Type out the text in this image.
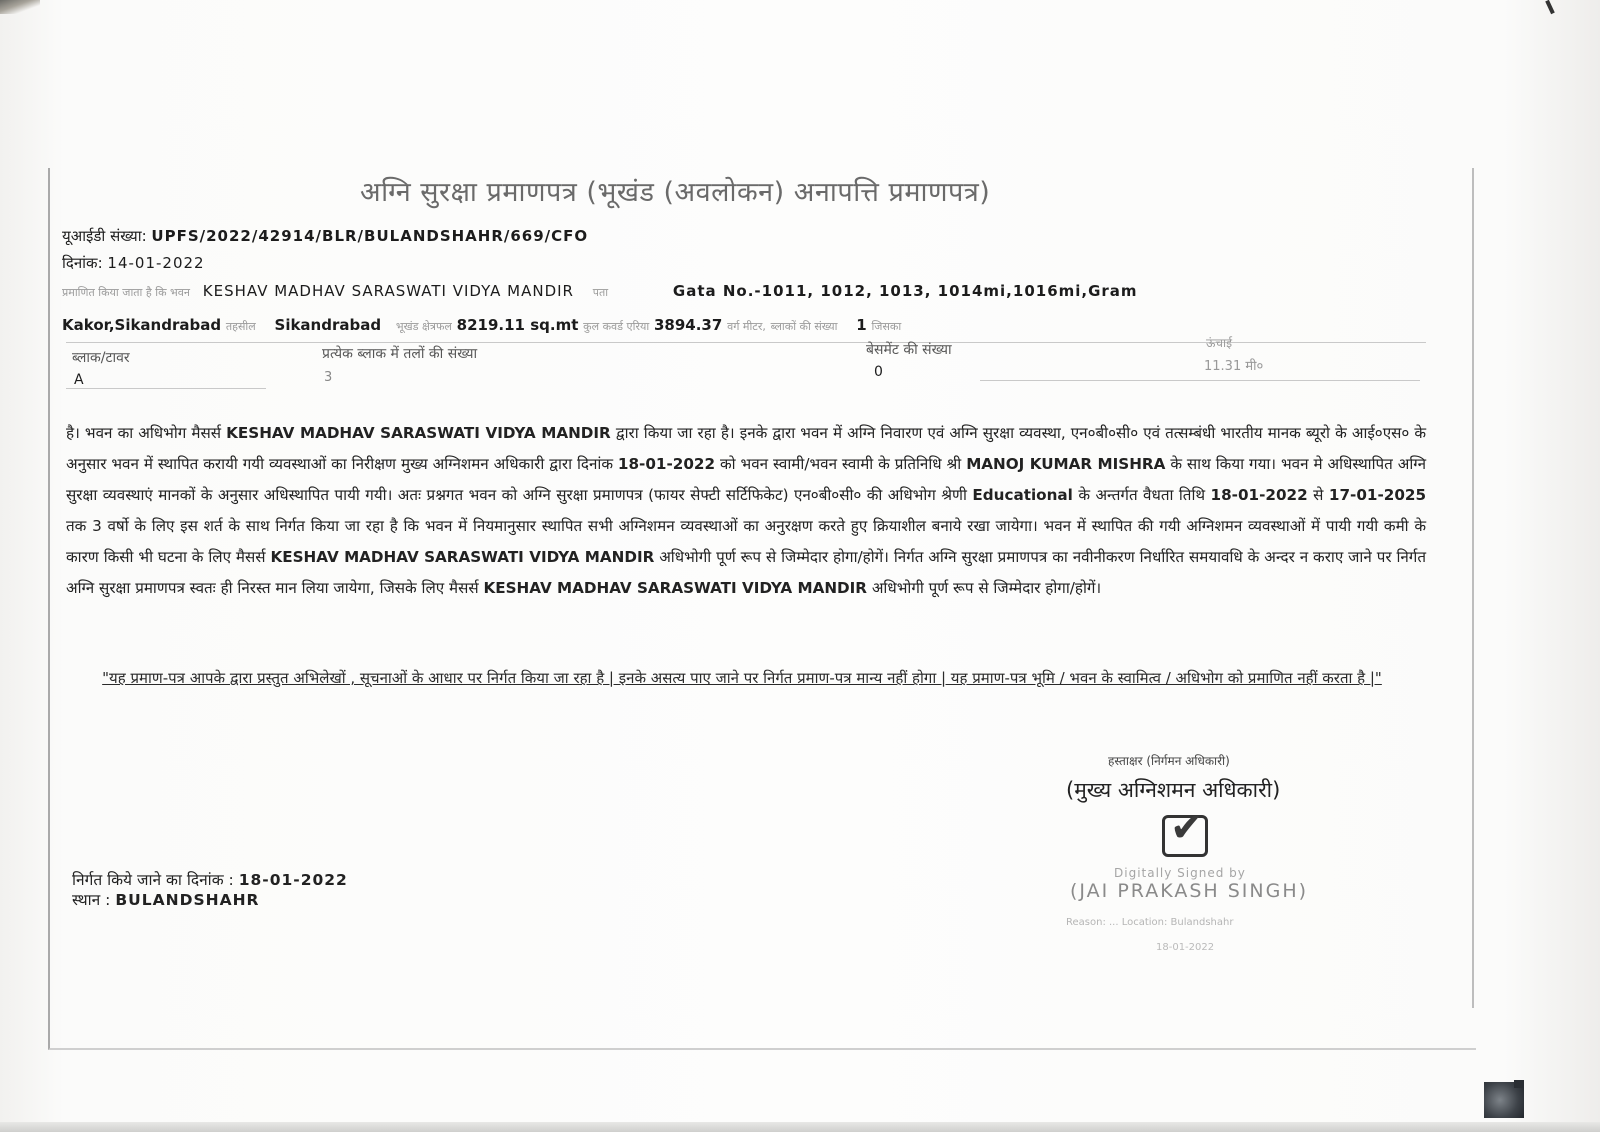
अग्नि सुरक्षा प्रमाणपत्र (भूखंड (अवलोकन) अनापत्ति प्रमाणपत्र)
यूआईडी संख्या: UPFS/2022/42914/BLR/BULANDSHAHR/669/CFO
दिनांक: 14-01-2022
प्रमाणित किया जाता है कि भवन KESHAV MADHAV SARASWATI VIDYA MANDIR पता	Gata No.-1011, 1012, 1013, 1014mi,1016mi,Gram
Kakor,Sikandrabad तहसील Sikandrabad भूखंड क्षेत्रफल 8219.11 sq.mt कुल कवर्ड एरिया 3894.37 वर्ग मीटर, ब्लाकों की संख्या 1 जिसका
ब्लाक/टावर	प्रत्येक ब्लाक में तलों की संख्या	बेसमेंट की संख्या	ऊंचाई
A	3	0	11.31 मी०
है। भवन का अधिभोग मैसर्स KESHAV MADHAV SARASWATI VIDYA MANDIR द्वारा किया जा रहा है। इनके द्वारा भवन में अग्नि निवारण एवं अग्नि सुरक्षा व्यवस्था, एन०बी०सी० एवं तत्सम्बंधी भारतीय मानक ब्यूरो के आई०एस० के अनुसार भवन में स्थापित करायी गयी व्यवस्थाओं का निरीक्षण मुख्य अग्निशमन अधिकारी द्वारा दिनांक 18-01-2022 को भवन स्वामी/भवन स्वामी के प्रतिनिधि श्री MANOJ KUMAR MISHRA के साथ किया गया। भवन मे अधिस्थापित अग्नि सुरक्षा व्यवस्थाएं मानकों के अनुसार अधिस्थापित पायी गयी। अतः प्रश्नगत भवन को अग्नि सुरक्षा प्रमाणपत्र (फायर सेफ्टी सर्टिफिकेट) एन०बी०सी० की अधिभोग श्रेणी Educational के अन्तर्गत वैधता तिथि 18-01-2022 से 17-01-2025 तक 3 वर्षो के लिए इस शर्त के साथ निर्गत किया जा रहा है कि भवन में नियमानुसार स्थापित सभी अग्निशमन व्यवस्थाओं का अनुरक्षण करते हुए क्रियाशील बनाये रखा जायेगा। भवन में स्थापित की गयी अग्निशमन व्यवस्थाओं में पायी गयी कमी के कारण किसी भी घटना के लिए मैसर्स KESHAV MADHAV SARASWATI VIDYA MANDIR अधिभोगी पूर्ण रूप से जिम्मेदार होगा/होगें। निर्गत अग्नि सुरक्षा प्रमाणपत्र का नवीनीकरण निर्धारित समयावधि के अन्दर न कराए जाने पर निर्गत अग्नि सुरक्षा प्रमाणपत्र स्वतः ही निरस्त मान लिया जायेगा, जिसके लिए मैसर्स KESHAV MADHAV SARASWATI VIDYA MANDIR अधिभोगी पूर्ण रूप से जिम्मेदार होगा/होगें।
"यह प्रमाण-पत्र आपके द्वारा प्रस्तुत अभिलेखों , सूचनाओं के आधार पर निर्गत किया जा रहा है | इनके असत्य पाए जाने पर निर्गत प्रमाण-पत्र मान्य नहीं होगा | यह प्रमाण-पत्र भूमि / भवन के स्वामित्व / अधिभोग को प्रमाणित नहीं करता है |"
हस्ताक्षर (निर्गमन अधिकारी)
(मुख्य अग्निशमन अधिकारी)
✔
Digitally Signed by
(JAI PRAKASH SINGH)
Reason: ... Location: Bulandshahr
18-01-2022
निर्गत किये जाने का दिनांक : 18-01-2022
स्थान : BULANDSHAHR
